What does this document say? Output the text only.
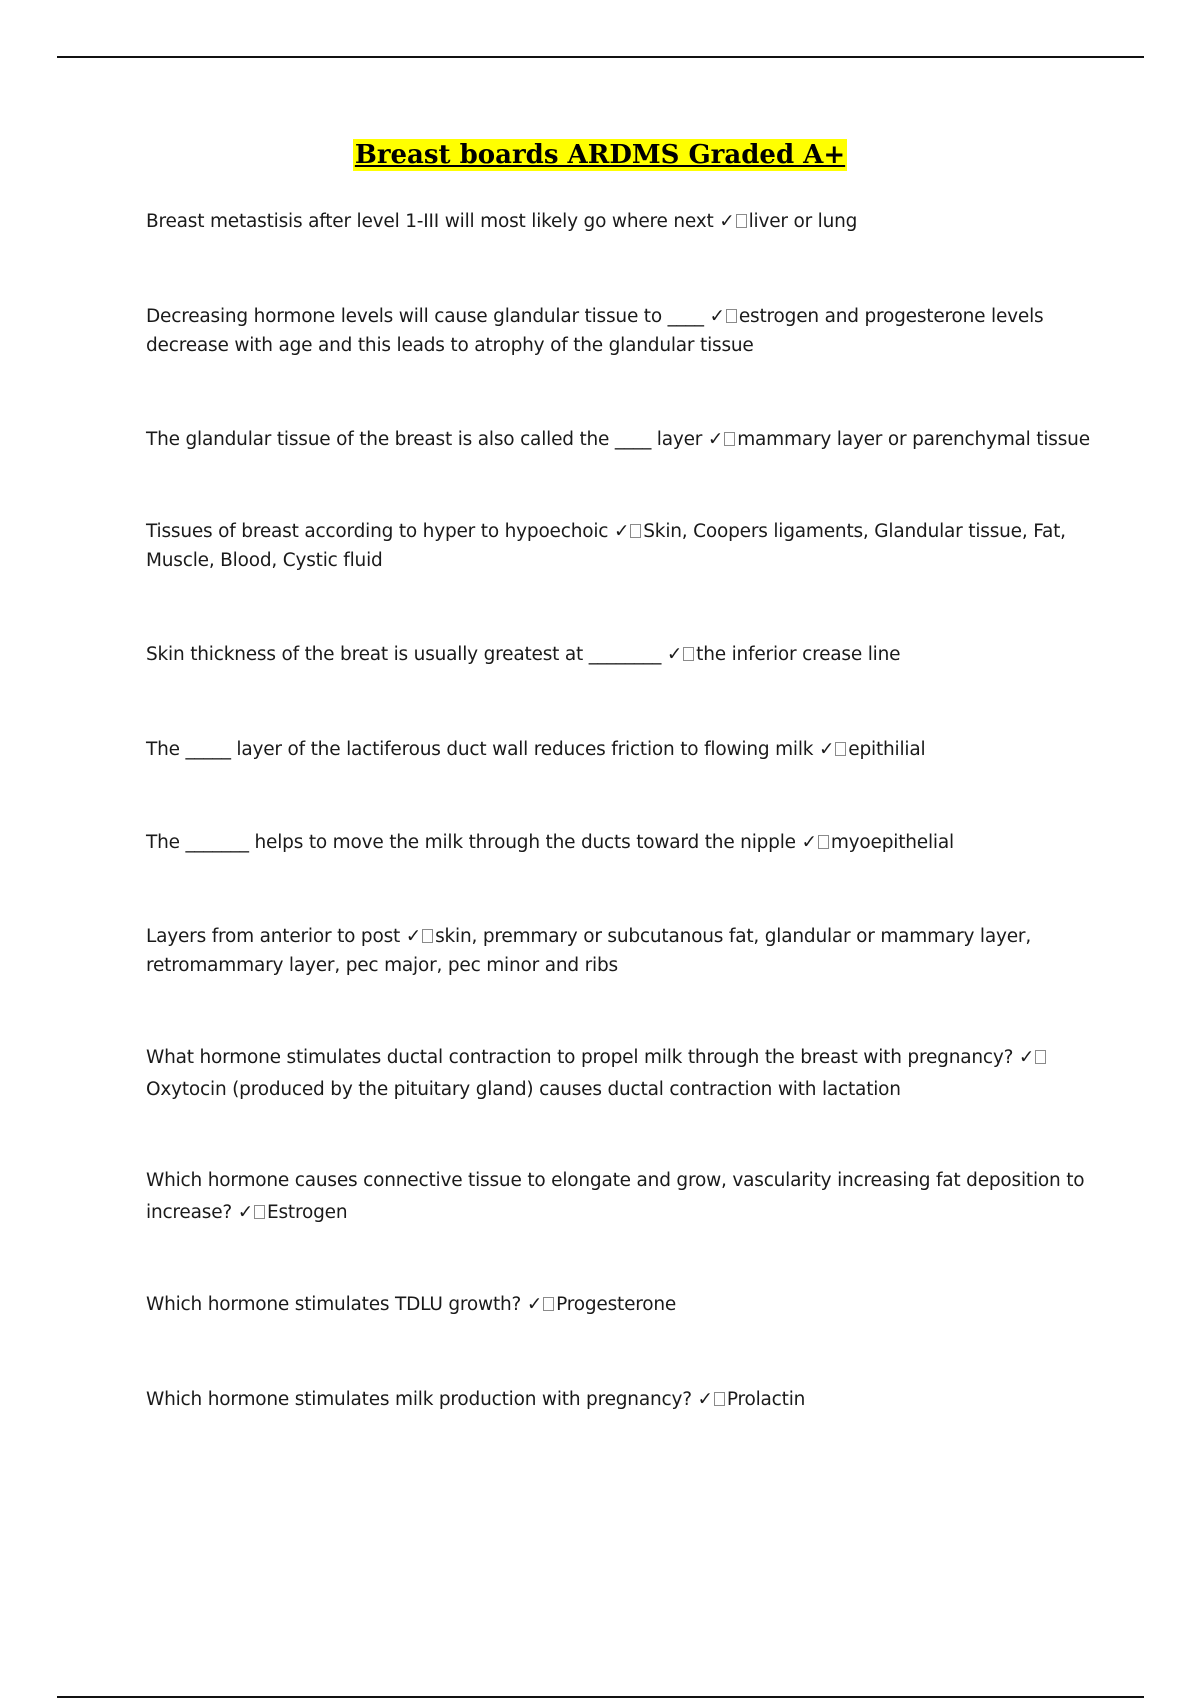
Breast boards ARDMS Graded A+
Breast metastisis after level 1-III will most likely go where next ✓ liver or lung
Decreasing hormone levels will cause glandular tissue to ____ ✓ estrogen and progesterone levels decrease with age and this leads to atrophy of the glandular tissue
The glandular tissue of the breast is also called the ____ layer ✓ mammary layer or parenchymal tissue
Tissues of breast according to hyper to hypoechoic ✓ Skin, Coopers ligaments, Glandular tissue, Fat, Muscle, Blood, Cystic fluid
Skin thickness of the breat is usually greatest at ________ ✓ the inferior crease line
The _____ layer of the lactiferous duct wall reduces friction to flowing milk ✓ epithilial
The _______ helps to move the milk through the ducts toward the nipple ✓ myoepithelial
Layers from anterior to post ✓ skin, premmary or subcutanous fat, glandular or mammary layer, retromammary layer, pec major, pec minor and ribs
What hormone stimulates ductal contraction to propel milk through the breast with pregnancy? ✓Oxytocin (produced by the pituitary gland) causes ductal contraction with lactation
Which hormone causes connective tissue to elongate and grow, vascularity increasing fat deposition to increase? ✓ Estrogen
Which hormone stimulates TDLU growth? ✓ Progesterone
Which hormone stimulates milk production with pregnancy? ✓ Prolactin
